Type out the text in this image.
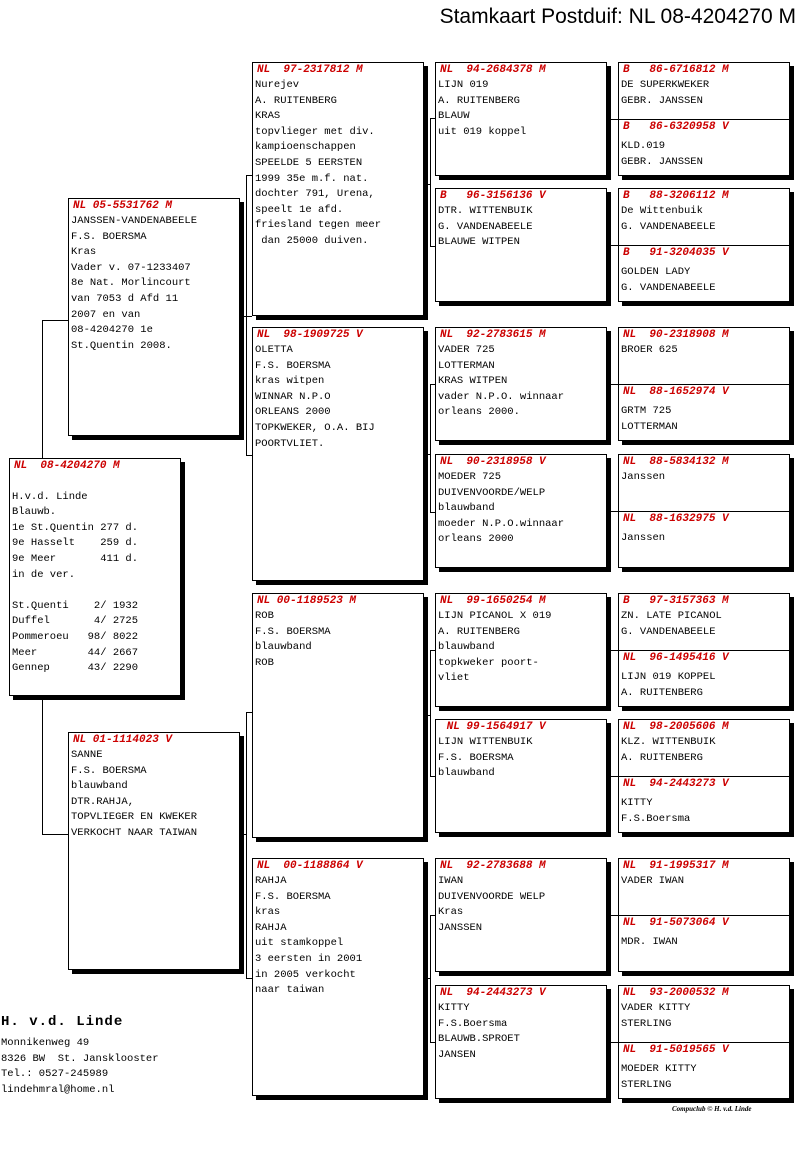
Stamkaart Postduif: NL 08-4204270 M
NL  08-4204270 M

H.v.d. Linde
Blauwb.
1e St.Quentin 277 d.
9e Hasselt    259 d.
9e Meer       411 d.
in de ver.

St.Quenti    2/ 1932
Duffel       4/ 2725
Pommeroeu   98/ 8022
Meer        44/ 2667
Gennep      43/ 2290
NL 05-5531762 M
JANSSEN-VANDENABEELE
F.S. BOERSMA
Kras
Vader v. 07-1233407
8e Nat. Morlincourt
van 7053 d Afd 11
2007 en van
08-4204270 1e
St.Quentin 2008.
NL 01-1114023 V
SANNE
F.S. BOERSMA
blauwband
DTR.RAHJA,
TOPVLIEGER EN KWEKER
VERKOCHT NAAR TAIWAN
NL  97-2317812 M
Nurejev
A. RUITENBERG
KRAS
topvlieger met div.
kampioenschappen
SPEELDE 5 EERSTEN
1999 35e m.f. nat.
dochter 791, Urena,
speelt 1e afd.
friesland tegen meer
dan 25000 duiven.
NL  98-1909725 V
OLETTA
F.S. BOERSMA
kras witpen
WINNAR N.P.O
ORLEANS 2000
TOPKWEKER, O.A. BIJ
POORTVLIET.
NL 00-1189523 M
ROB
F.S. BOERSMA
blauwband
ROB
NL  00-1188864 V
RAHJA
F.S. BOERSMA
kras
RAHJA
uit stamkoppel
3 eersten in 2001
in 2005 verkocht
naar taiwan
NL  94-2684378 M
LIJN 019
A. RUITENBERG
BLAUW
uit 019 koppel
B   96-3156136 V
DTR. WITTENBUIK
G. VANDENABEELE
BLAUWE WITPEN
NL  92-2783615 M
VADER 725
LOTTERMAN
KRAS WITPEN
vader N.P.O. winnaar
orleans 2000.
NL  90-2318958 V
MOEDER 725
DUIVENVOORDE/WELP
blauwband
moeder N.P.O.winnaar
orleans 2000
NL  99-1650254 M
LIJN PICANOL X 019
A. RUITENBERG
blauwband
topkweker poort-
vliet
NL 99-1564917 V
LIJN WITTENBUIK
F.S. BOERSMA
blauwband
NL  92-2783688 M
IWAN
DUIVENVOORDE WELP
Kras
JANSSEN
NL  94-2443273 V
KITTY
F.S.Boersma
BLAUWB.SPROET
JANSEN
B   86-6716812 M
DE SUPERKWEKER
GEBR. JANSSEN
B   86-6320958 V
KLD.019
GEBR. JANSSEN
B   88-3206112 M
De Wittenbuik
G. VANDENABEELE
B   91-3204035 V
GOLDEN LADY
G. VANDENABEELE
NL  90-2318908 M
BROER 625
NL  88-1652974 V
GRTM 725
LOTTERMAN
NL  88-5834132 M
Janssen
NL  88-1632975 V
Janssen
B   97-3157363 M
ZN. LATE PICANOL
G. VANDENABEELE
NL  96-1495416 V
LIJN 019 KOPPEL
A. RUITENBERG
NL  98-2005606 M
KLZ. WITTENBUIK
A. RUITENBERG
NL  94-2443273 V
KITTY
F.S.Boersma
NL  91-1995317 M
VADER IWAN
NL  91-5073064 V
MDR. IWAN
NL  93-2000532 M
VADER KITTY
STERLING
NL  91-5019565 V
MOEDER KITTY
STERLING
H. v.d. Linde
Monnikenweg 49
8326 BW  St. Jansklooster
Tel.: 0527-245989
lindehmral@home.nl
Compuclub © H. v.d. Linde
